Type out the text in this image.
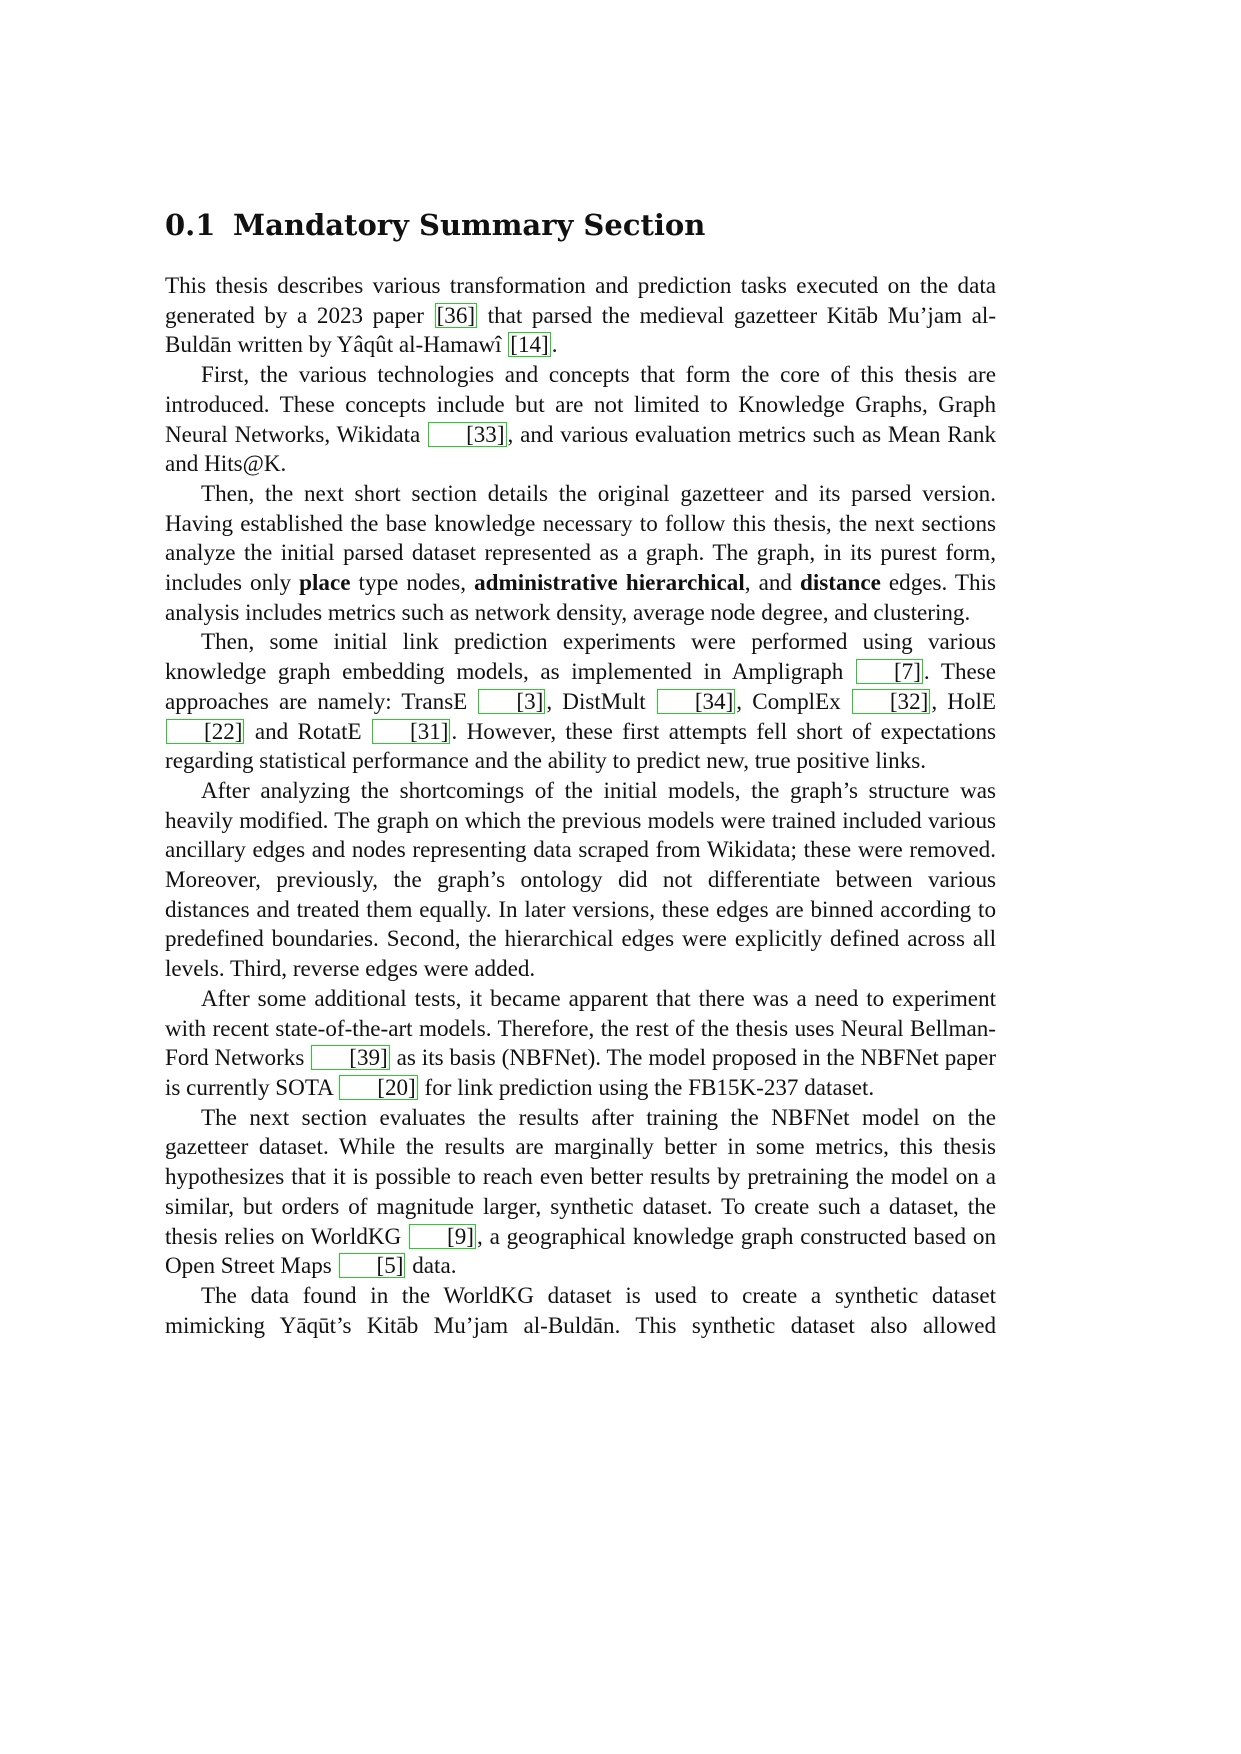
0.1 Mandatory Summary Section

This thesis describes various transformation and prediction tasks executed on the data generated by a 2023 paper [36] that parsed the medieval gazetteer Kitāb Mu’jam al-Buldān written by Yâqût al-Hamawî [14] .

First, the various technologies and concepts that form the core of this thesis are introduced. These concepts include but are not limited to Knowledge Graphs, Graph Neural Networks, Wikidata [33] , and various evaluation metrics such as Mean Rank and Hits@K.

Then, the next short section details the original gazetteer and its parsed version. Having established the base knowledge necessary to follow this thesis, the next sections analyze the initial parsed dataset represented as a graph. The graph, in its purest form, includes only place type nodes, administrative hierarchical, and distance edges. This analysis includes metrics such as network density, average node degree, and clustering.

Then, some initial link prediction experiments were performed using various knowledge graph embedding models, as implemented in Ampligraph [7] . These approaches are namely: TransE [3] , DistMult [34] , ComplEx [32] , HolE [22] and RotatE [31] . However, these first attempts fell short of expectations regarding statistical performance and the ability to predict new, true positive links.

After analyzing the shortcomings of the initial models, the graph’s structure was heavily modified. The graph on which the previous models were trained included various ancillary edges and nodes representing data scraped from Wikidata; these were removed. Moreover, previously, the graph’s ontology did not differentiate between various distances and treated them equally. In later versions, these edges are binned according to predefined boundaries. Second, the hierarchical edges were explicitly defined across all levels. Third, reverse edges were added.

After some additional tests, it became apparent that there was a need to experiment with recent state-of-the-art models. Therefore, the rest of the thesis uses Neural Bellman-Ford Networks [39] as its basis (NBFNet). The model proposed in the NBFNet paper is currently SOTA [20] for link prediction using the FB15K-237 dataset.

The next section evaluates the results after training the NBFNet model on the gazetteer dataset. While the results are marginally better in some metrics, this thesis hypothesizes that it is possible to reach even better results by pretraining the model on a similar, but orders of magnitude larger, synthetic dataset. To create such a dataset, the thesis relies on WorldKG [9] , a geographical knowledge graph constructed based on Open Street Maps [5] data.

The data found in the WorldKG dataset is used to create a synthetic dataset mimicking Yāqūt’s Kitāb Mu’jam al-Buldān. This synthetic dataset also allowed
